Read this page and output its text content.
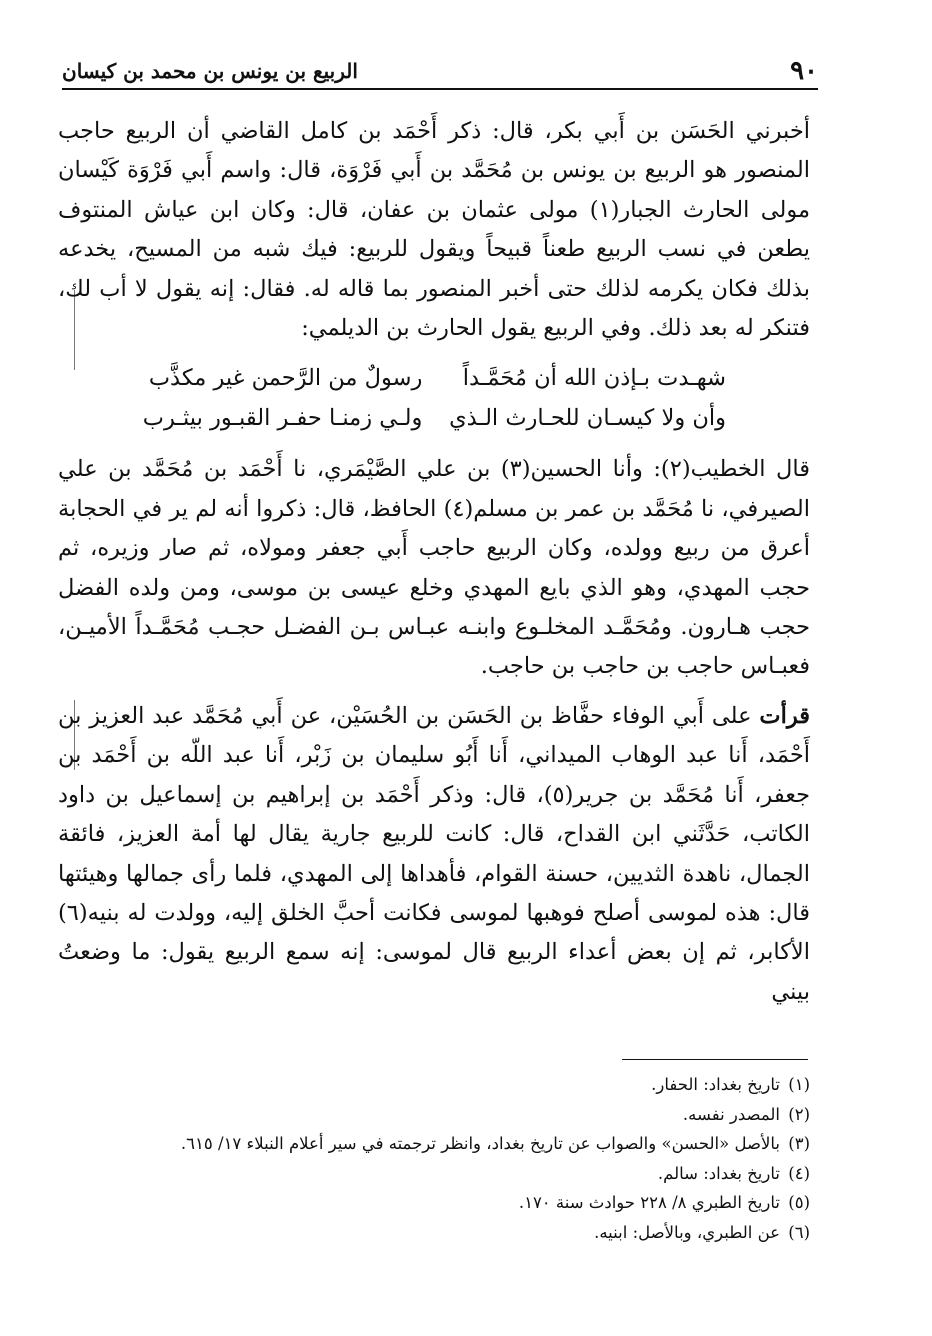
٩٠
الربيع بن يونس بن محمد بن كيسان

أخبرني الحَسَن بن أَبي بكر، قال: ذكر أَحْمَد بن كامل القاضي أن الربيع حاجب المنصور هو الربيع بن يونس بن مُحَمَّد بن أَبي فَرْوَة، قال: واسم أَبي فَرْوَة كَيْسان مولى الحارث الجبار(١) مولى عثمان بن عفان، قال: وكان ابن عياش المنتوف يطعن في نسب الربيع طعناً قبيحاً ويقول للربيع: فيك شبه من المسيح، يخدعه بذلك فكان يكرمه لذلك حتى أخبر المنصور بما قاله له. فقال: إنه يقول لا أب لك، فتنكر له بعد ذلك. وفي الربيع يقول الحارث بن الديلمي:

شهـدت بـإذن الله أن مُحَمَّـداً
رسولٌ من الرَّحمن غير مكذَّب
وأن ولا كيسـان للحـارث الـذي
ولـي زمنـا حفـر القبـور بيثـرب

قال الخطيب(٢): وأنا الحسين(٣) بن علي الصَّيْمَري، نا أَحْمَد بن مُحَمَّد بن علي الصيرفي، نا مُحَمَّد بن عمر بن مسلم(٤) الحافظ، قال: ذكروا أنه لم ير في الحجابة أعرق من ربيع وولده، وكان الربيع حاجب أَبي جعفر ومولاه، ثم صار وزيره، ثم حجب المهدي، وهو الذي بايع المهدي وخلع عيسى بن موسى، ومن ولده الفضل حجب هـارون. ومُحَمَّـد المخلـوع وابنـه عبـاس بـن الفضـل حجـب مُحَمَّـداً الأميـن، فعبـاس حاجب بن حاجب بن حاجب.

قرأت على أَبي الوفاء حفَّاظ بن الحَسَن بن الحُسَيْن، عن أَبي مُحَمَّد عبد العزيز بن أَحْمَد، أَنا عبد الوهاب الميداني، أَنا أَبُو سليمان بن زَبْر، أَنا عبد اللّه بن أَحْمَد بن جعفر، أَنا مُحَمَّد بن جرير(٥)، قال: وذكر أَحْمَد بن إبراهيم بن إسماعيل بن داود الكاتب، حَدَّثَني ابن القداح، قال: كانت للربيع جارية يقال لها أمة العزيز، فائقة الجمال، ناهدة الثديين، حسنة القوام، فأهداها إلى المهدي، فلما رأى جمالها وهيئتها قال: هذه لموسى أصلح فوهبها لموسى فكانت أحبَّ الخلق إليه، وولدت له بنيه(٦) الأكابر، ثم إن بعض أعداء الربيع قال لموسى: إنه سمع الربيع يقول: ما وضعتُ بيني

(١)
تاريخ بغداد: الحفار.
(٢)
المصدر نفسه.
(٣)
بالأصل «الحسن» والصواب عن تاريخ بغداد، وانظر ترجمته في سير أعلام النبلاء ١٧/ ٦١٥.
(٤)
تاريخ بغداد: سالم.
(٥)
تاريخ الطبري ٨/ ٢٢٨ حوادث سنة ١٧٠.
(٦)
عن الطبري، وبالأصل: ابنيه.
